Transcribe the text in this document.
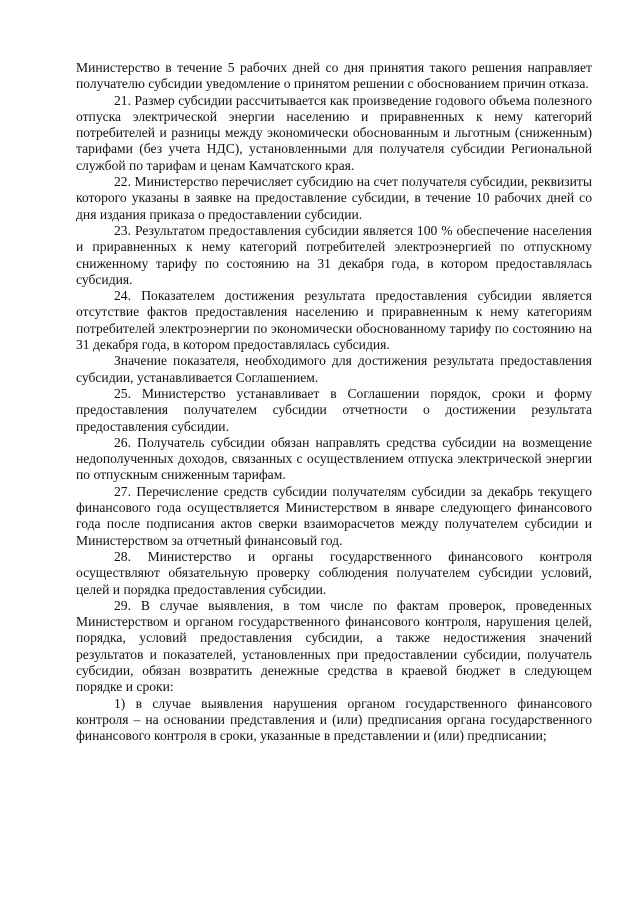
Министерство в течение 5 рабочих дней со дня принятия такого решения направляет получателю субсидии уведомление о принятом решении с обоснованием причин отказа.

21. Размер субсидии рассчитывается как произведение годового объема полезного отпуска электрической энергии населению и приравненных к нему категорий потребителей и разницы между экономически обоснованным и льготным (сниженным) тарифами (без учета НДС), установленными для получателя субсидии Региональной службой по тарифам и ценам Камчатского края.

22. Министерство перечисляет субсидию на счет получателя субсидии, реквизиты которого указаны в заявке на предоставление субсидии, в течение 10 рабочих дней со дня издания приказа о предоставлении субсидии.

23. Результатом предоставления субсидии является 100 % обеспечение населения и приравненных к нему категорий потребителей электроэнергией по отпускному сниженному тарифу по состоянию на 31 декабря года, в котором предоставлялась субсидия.

24. Показателем достижения результата предоставления субсидии является отсутствие фактов предоставления населению и приравненным к нему категориям потребителей электроэнергии по экономически обоснованному тарифу по состоянию на 31 декабря года, в котором предоставлялась субсидия.

Значение показателя, необходимого для достижения результата предоставления субсидии, устанавливается Соглашением.

25. Министерство устанавливает в Соглашении порядок, сроки и форму предоставления получателем субсидии отчетности о достижении результата предоставления субсидии.

26. Получатель субсидии обязан направлять средства субсидии на возмещение недополученных доходов, связанных с осуществлением отпуска электрической энергии по отпускным сниженным тарифам.

27. Перечисление средств субсидии получателям субсидии за декабрь текущего финансового года осуществляется Министерством в январе следующего финансового года после подписания актов сверки взаиморасчетов между получателем субсидии и Министерством за отчетный финансовый год.

28. Министерство и органы государственного финансового контроля осуществляют обязательную проверку соблюдения получателем субсидии условий, целей и порядка предоставления субсидии.

29. В случае выявления, в том числе по фактам проверок, проведенных Министерством и органом государственного финансового контроля, нарушения целей, порядка, условий предоставления субсидии, а также недостижения значений результатов и показателей, установленных при предоставлении субсидии, получатель субсидии, обязан возвратить денежные средства в краевой бюджет в следующем порядке и сроки:

1) в случае выявления нарушения органом государственного финансового контроля – на основании представления и (или) предписания органа государственного финансового контроля в сроки, указанные в представлении и (или) предписании;
